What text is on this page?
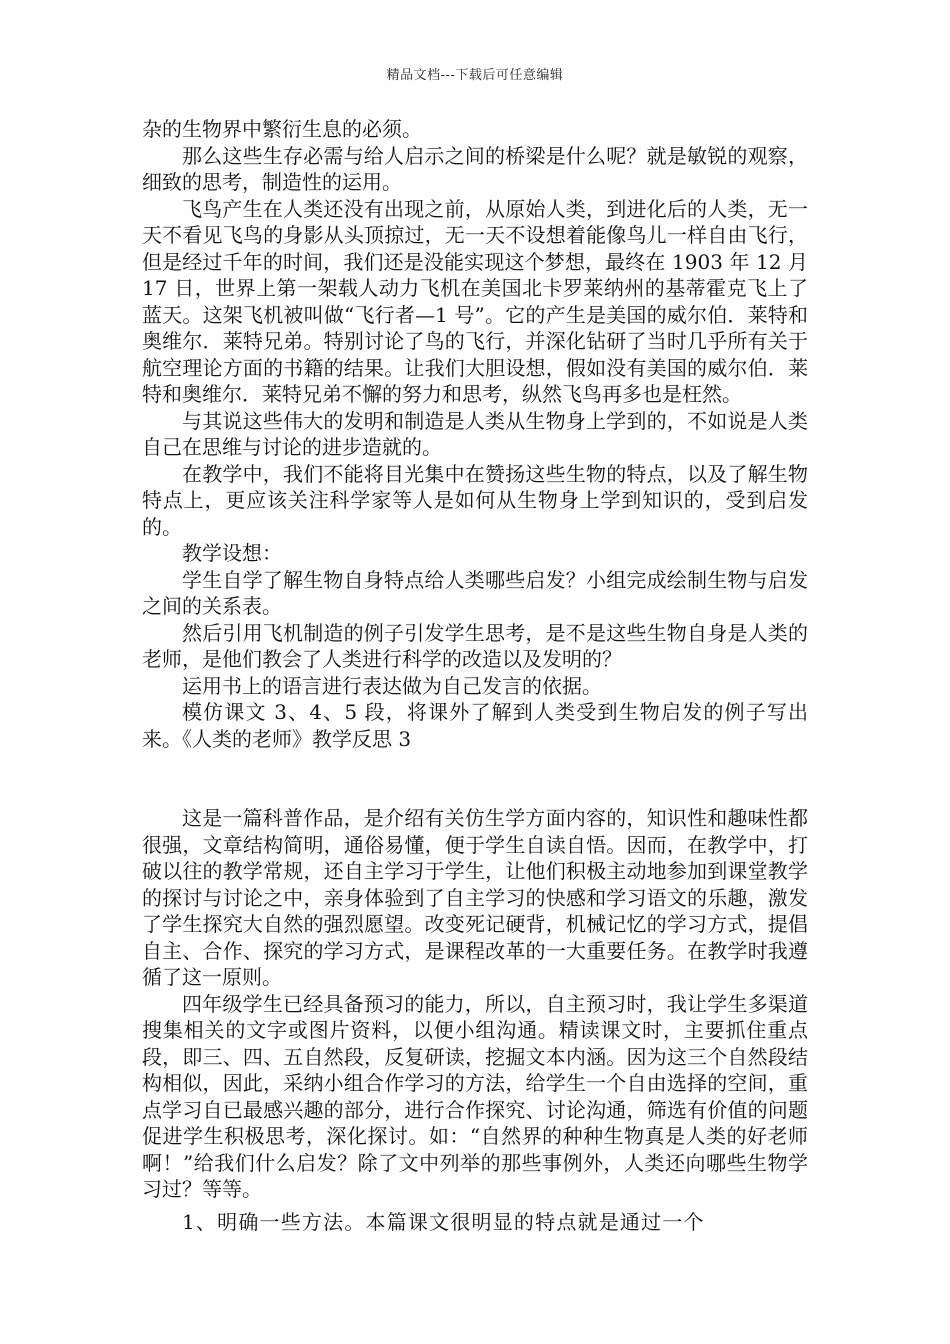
精品文档---下载后可任意编辑

杂的生物界中繁衍生息的必须。

那么这些生存必需与给人启示之间的桥梁是什么呢？就是敏锐的观察，细致的思考，制造性的运用。

飞鸟产生在人类还没有出现之前，从原始人类，到进化后的人类，无一天不看见飞鸟的身影从头顶掠过，无一天不设想着能像鸟儿一样自由飞行，但是经过千年的时间，我们还是没能实现这个梦想，最终在 1903 年 12 月 17 日，世界上第一架载人动力飞机在美国北卡罗莱纳州的基蒂霍克飞上了蓝天。这架飞机被叫做“飞行者—1 号”。它的产生是美国的威尔伯．莱特和奥维尔．莱特兄弟。特别讨论了鸟的飞行，并深化钻研了当时几乎所有关于航空理论方面的书籍的结果。让我们大胆设想，假如没有美国的威尔伯．莱特和奥维尔．莱特兄弟不懈的努力和思考，纵然飞鸟再多也是枉然。

与其说这些伟大的发明和制造是人类从生物身上学到的，不如说是人类自己在思维与讨论的进步造就的。

在教学中，我们不能将目光集中在赞扬这些生物的特点，以及了解生物特点上，更应该关注科学家等人是如何从生物身上学到知识的，受到启发的。

教学设想：

学生自学了解生物自身特点给人类哪些启发？小组完成绘制生物与启发之间的关系表。

然后引用飞机制造的例子引发学生思考，是不是这些生物自身是人类的老师，是他们教会了人类进行科学的改造以及发明的？

运用书上的语言进行表达做为自己发言的依据。

模仿课文 3、4、5 段，将课外了解到人类受到生物启发的例子写出来。《人类的老师》教学反思 3

这是一篇科普作品，是介绍有关仿生学方面内容的，知识性和趣味性都很强，文章结构简明，通俗易懂，便于学生自读自悟。因而，在教学中，打破以往的教学常规，还自主学习于学生，让他们积极主动地参加到课堂教学的探讨与讨论之中，亲身体验到了自主学习的快感和学习语文的乐趣，激发了学生探究大自然的强烈愿望。改变死记硬背，机械记忆的学习方式，提倡自主、合作、探究的学习方式，是课程改革的一大重要任务。在教学时我遵循了这一原则。

四年级学生已经具备预习的能力，所以，自主预习时，我让学生多渠道搜集相关的文字或图片资料，以便小组沟通。精读课文时，主要抓住重点段，即三、四、五自然段，反复研读，挖掘文本内涵。因为这三个自然段结构相似，因此，采纳小组合作学习的方法，给学生一个自由选择的空间，重点学习自已最感兴趣的部分，进行合作探究、讨论沟通，筛选有价值的问题促进学生积极思考，深化探讨。如：“自然界的种种生物真是人类的好老师啊！”给我们什么启发？除了文中列举的那些事例外，人类还向哪些生物学习过？等等。

1、明确一些方法。本篇课文很明显的特点就是通过一个
